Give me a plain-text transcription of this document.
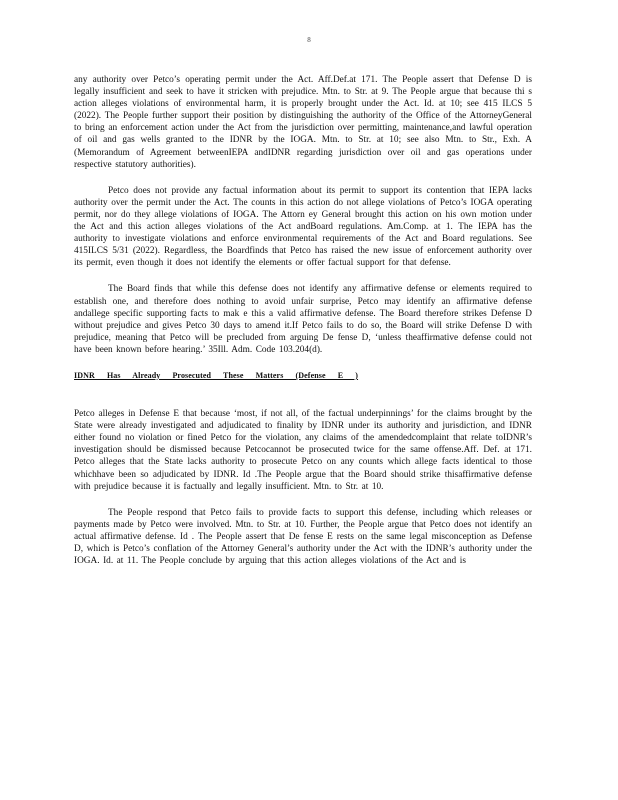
8

any authority over Petco’s operating permit under the Act. Aff.Def.at 171. The People assert that Defense D is legally insufficient and seek to have it stricken with prejudice. Mtn. to Str. at 9. The People argue that because thi s action alleges violations of environmental harm, it is properly brought under the Act. Id. at 10; see 415 ILCS 5 (2022). The People further support their position by distinguishing the authority of the Office of the AttorneyGeneral to bring an enforcement action under the Act from the jurisdiction over permitting, maintenance,and lawful operation of oil and gas wells granted to the IDNR by the IOGA. Mtn. to Str. at 10; see also Mtn. to Str., Exh. A (Memorandum of Agreement betweenIEPA andIDNR regarding jurisdiction over oil and gas operations under respective statutory authorities).

Petco does not provide any factual information about its permit to support its contention that IEPA lacks authority over the permit under the Act. The counts in this action do not allege violations of Petco’s IOGA operating permit, nor do they allege violations of IOGA. The Attorn ey General brought this action on his own motion under the Act and this action alleges violations of the Act andBoard regulations. Am.Comp. at 1. The IEPA has the authority to investigate violations and enforce environmental requirements of the Act and Board regulations. See 415ILCS 5/31 (2022). Regardless, the Boardfinds that Petco has raised the new issue of enforcement authority over its permit, even though it does not identify the elements or offer factual support for that defense.

The Board finds that while this defense does not identify any affirmative defense or elements required to establish one, and therefore does nothing to avoid unfair surprise, Petco may identify an affirmative defense andallege specific supporting facts to mak e this a valid affirmative defense. The Board therefore strikes Defense D without prejudice and gives Petco 30 days to amend it.If Petco fails to do so, the Board will strike Defense D with prejudice, meaning that Petco will be precluded from arguing De fense D, ‘unless theaffirmative defense could not have been known before hearing.’ 35Ill. Adm. Code 103.204(d).

IDNR Has Already Prosecuted These Matters (Defense E )

Petco alleges in Defense E that because ‘most, if not all, of the factual underpinnings’ for the claims brought by the State were already investigated and adjudicated to finality by IDNR under its authority and jurisdiction, and IDNR either found no violation or fined Petco for the violation, any claims of the amendedcomplaint that relate toIDNR’s investigation should be dismissed because Petcocannot be prosecuted twice for the same offense.Aff. Def. at 171. Petco alleges that the State lacks authority to prosecute Petco on any counts which allege facts identical to those whichhave been so adjudicated by IDNR. Id .The People argue that the Board should strike thisaffirmative defense with prejudice because it is factually and legally insufficient. Mtn. to Str. at 10.

The People respond that Petco fails to provide facts to support this defense, including which releases or payments made by Petco were involved. Mtn. to Str. at 10. Further, the People argue that Petco does not identify an actual affirmative defense. Id . The People assert that De fense E rests on the same legal misconception as Defense D, which is Petco’s conflation of the Attorney General’s authority under the Act with the IDNR’s authority under the IOGA. Id. at 11. The People conclude by arguing that this action alleges violations of the Act and is
